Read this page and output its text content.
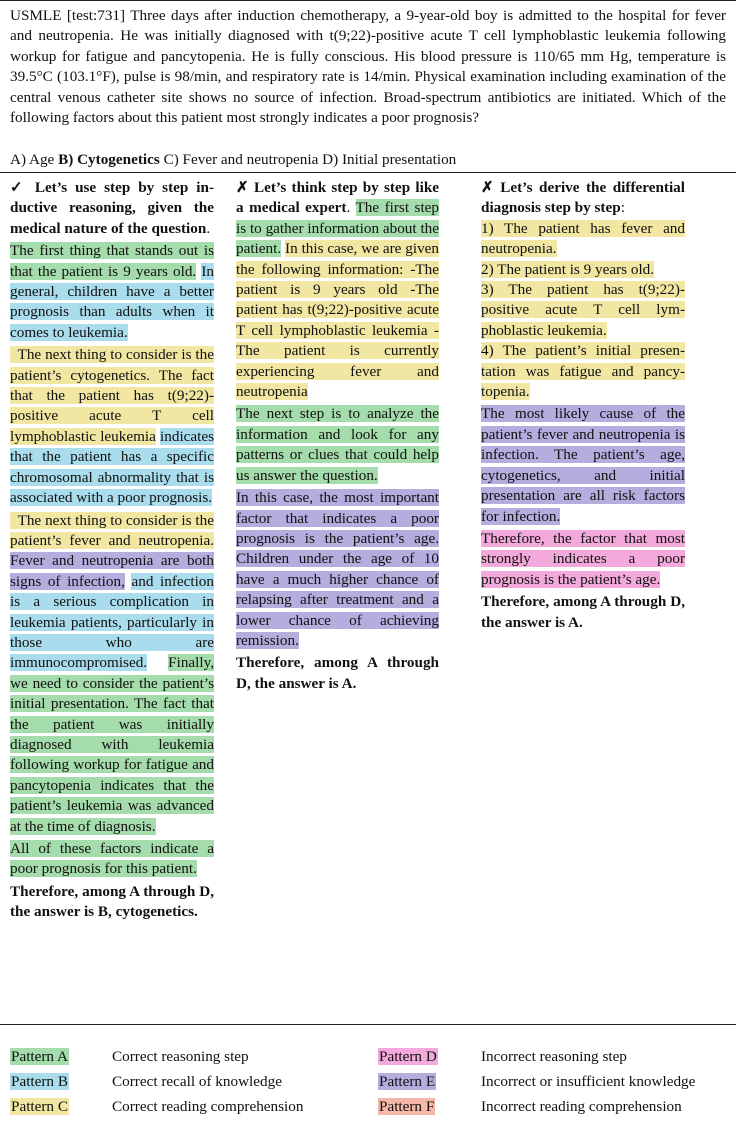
USMLE [test:731] Three days after induction chemotherapy, a 9-year-old boy is admitted to the hospital for fever and neutropenia. He was initially diagnosed with t(9;22)-positive acute T cell lymphoblastic leukemia following workup for fatigue and pancytopenia. He is fully conscious. His blood pressure is 110/65 mm Hg, temperature is 39.5°C (103.1°F), pulse is 98/min, and respiratory rate is 14/min. Physical examination including examination of the central venous catheter site shows no source of infection. Broad-spectrum antibiotics are initiated. Which of the following factors about this patient most strongly indicates a poor prognosis?
A) Age B) Cytogenetics C) Fever and neutropenia D) Initial presentation

✓ Let’s use step by step inductive reasoning, given the medical nature of the question.

The first thing that stands out is that the patient is 9 years old. In general, children have a better prognosis than adults when it comes to leukemia.

The next thing to consider is the patient’s cytogenetics. The fact that the patient has t(9;22)-positive acute T cell lymphoblastic leukemia indicates that the patient has a specific chromosomal abnormality that is associated with a poor prognosis.

The next thing to consider is the patient’s fever and neutropenia. Fever and neutropenia are both signs of infection, and infection is a serious complication in leukemia patients, particularly in those who are immunocompromised. Finally, we need to consider the patient’s initial presentation. The fact that the patient was initially diagnosed with leukemia following workup for fatigue and pancytopenia indicates that the patient’s leukemia was advanced at the time of diagnosis.

All of these factors indicate a poor prognosis for this patient.

Therefore, among A through D, the answer is B, cytogenetics.

✗ Let’s think step by step like a medical expert. The first step is to gather information about the patient. In this case, we are given the following information: -The patient is 9 years old -The patient has t(9;22)-positive acute T cell lymphoblastic leukemia -The patient is currently experiencing fever and neutropenia

The next step is to analyze the information and look for any patterns or clues that could help us answer the question.

In this case, the most important factor that indicates a poor prognosis is the patient’s age. Children under the age of 10 have a much higher chance of relapsing after treatment and a lower chance of achieving remission.

Therefore, among A through D, the answer is A.

✗ Let’s derive the differential diagnosis step by step:

1) The patient has fever and neutropenia.

2) The patient is 9 years old.

3) The patient has t(9;22)-positive acute T cell lymphoblastic leukemia.

4) The patient’s initial presentation was fatigue and pancytopenia.

The most likely cause of the patient’s fever and neutropenia is infection. The patient’s age, cytogenetics, and initial presentation are all risk factors for infection.

Therefore, the factor that most strongly indicates a poor prognosis is the patient’s age.

Therefore, among A through D, the answer is A.

Pattern A	Correct reasoning step
Pattern B	Correct recall of knowledge
Pattern C	Correct reading comprehension
Pattern D	Incorrect reasoning step
Pattern E	Incorrect or insufficient knowledge
Pattern F	Incorrect reading comprehension
